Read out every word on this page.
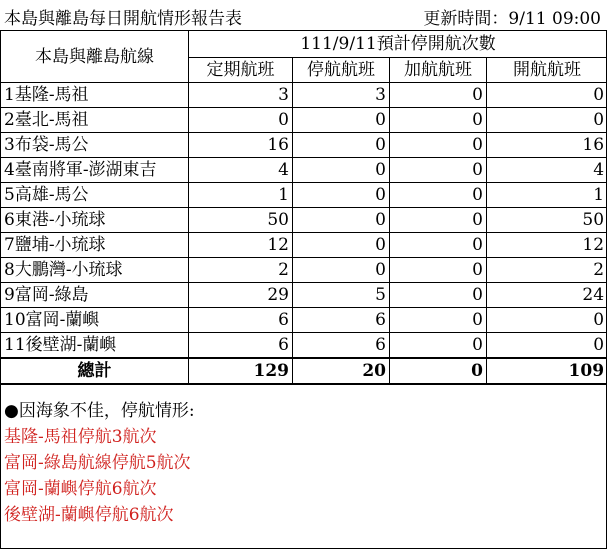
本島與離島每日開航情形報告表	更新時間：9/11 09:00
本島與離島航線	111/9/11預計停開航次數			
	定期航班	停航航班	加航航班	開航航班
1基隆-馬祖	3	3	0	0
2臺北-馬祖	0	0	0	0
3布袋-馬公	16	0	0	16
4臺南將軍-澎湖東吉	4	0	0	4
5高雄-馬公	1	0	0	1
6東港-小琉球	50	0	0	50
7鹽埔-小琉球	12	0	0	12
8大鵬灣-小琉球	2	0	0	2
9富岡-綠島	29	5	0	24
10富岡-蘭嶼	6	6	0	0
11後壁湖-蘭嶼	6	6	0	0
總計	129	20	0	109
●因海象不佳，停航情形:
基隆-馬祖停航3航次
富岡-綠島航線停航5航次
富岡-蘭嶼停航6航次
後壁湖-蘭嶼停航6航次
